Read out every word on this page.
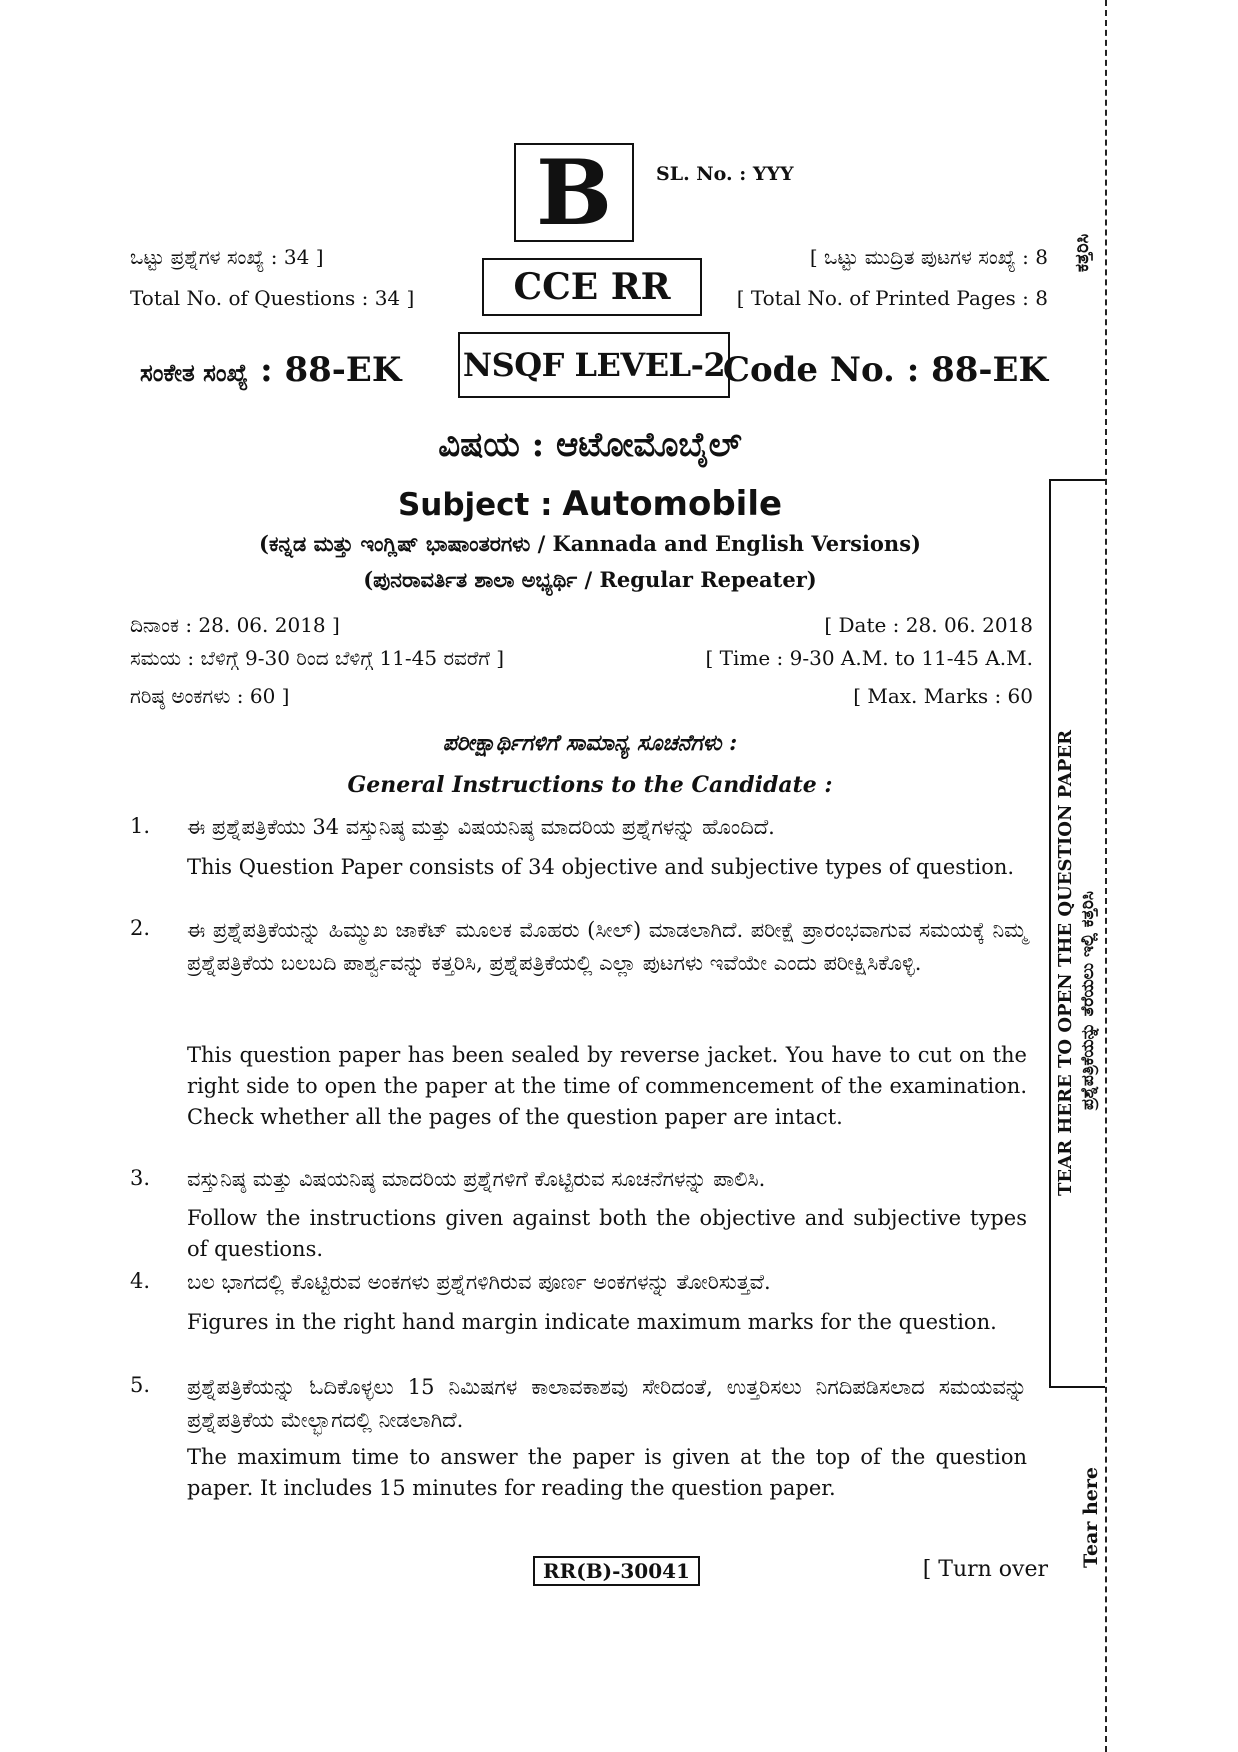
B	SL. No. : YYY
ಒಟ್ಟು ಪ್ರಶ್ನೆಗಳ ಸಂಖ್ಯೆ : 34 ]
Total No. of Questions : 34 ]	CCE RR
[ ಒಟ್ಟು ಮುದ್ರಿತ ಪುಟಗಳ ಸಂಖ್ಯೆ : 8
[ Total No. of Printed Pages : 8
ಸಂಕೇತ ಸಂಖ್ಯೆ : 88-EK NSQF LEVEL-2
Code No. : 88-EK
ವಿಷಯ : ಆಟೋಮೊಬೈಲ್
Subject : Automobile
(ಕನ್ನಡ ಮತ್ತು ಇಂಗ್ಲಿಷ್ ಭಾಷಾಂತರಗಳು / Kannada and English Versions)
(ಪುನರಾವರ್ತಿತ ಶಾಲಾ ಅಭ್ಯರ್ಥಿ / Regular Repeater)
ದಿನಾಂಕ : 28. 06. 2018 ]	[ Date : 28. 06. 2018
ಸಮಯ : ಬೆಳಿಗ್ಗೆ 9-30 ರಿಂದ ಬೆಳಿಗ್ಗೆ 11-45 ರವರೆಗೆ ]	[ Time : 9-30 A.M. to 11-45 A.M.
ಗರಿಷ್ಠ ಅಂಕಗಳು : 60 ]	[ Max. Marks : 60
ಪರೀಕ್ಷಾರ್ಥಿಗಳಿಗೆ ಸಾಮಾನ್ಯ ಸೂಚನೆಗಳು :
General Instructions to the Candidate :
1. ಈ ಪ್ರಶ್ನೆಪತ್ರಿಕೆಯು 34 ವಸ್ತುನಿಷ್ಠ ಮತ್ತು ವಿಷಯನಿಷ್ಠ ಮಾದರಿಯ ಪ್ರಶ್ನೆಗಳನ್ನು ಹೊಂದಿದೆ.
This Question Paper consists of 34 objective and subjective types of question.
2. ಈ ಪ್ರಶ್ನೆಪತ್ರಿಕೆಯನ್ನು ಹಿಮ್ಮುಖ ಜಾಕೆಟ್ ಮೂಲಕ ಮೊಹರು (ಸೀಲ್) ಮಾಡಲಾಗಿದೆ. ಪರೀಕ್ಷೆ ಪ್ರಾರಂಭವಾಗುವ ಸಮಯಕ್ಕೆ ನಿಮ್ಮ ಪ್ರಶ್ನೆಪತ್ರಿಕೆಯ ಬಲಬದಿ ಪಾರ್ಶ್ವವನ್ನು ಕತ್ತರಿಸಿ, ಪ್ರಶ್ನೆಪತ್ರಿಕೆಯಲ್ಲಿ ಎಲ್ಲಾ ಪುಟಗಳು ಇವೆಯೇ ಎಂದು ಪರೀಕ್ಷಿಸಿಕೊಳ್ಳಿ.
This question paper has been sealed by reverse jacket. You have to cut on the right side to open the paper at the time of commencement of the examination. Check whether all the pages of the question paper are intact.
3. ವಸ್ತುನಿಷ್ಠ ಮತ್ತು ವಿಷಯನಿಷ್ಠ ಮಾದರಿಯ ಪ್ರಶ್ನೆಗಳಿಗೆ ಕೊಟ್ಟಿರುವ ಸೂಚನೆಗಳನ್ನು ಪಾಲಿಸಿ.
Follow the instructions given against both the objective and subjective types of questions.
4. ಬಲ ಭಾಗದಲ್ಲಿ ಕೊಟ್ಟಿರುವ ಅಂಕಗಳು ಪ್ರಶ್ನೆಗಳಿಗಿರುವ ಪೂರ್ಣ ಅಂಕಗಳನ್ನು ತೋರಿಸುತ್ತವೆ.
Figures in the right hand margin indicate maximum marks for the question.
5. ಪ್ರಶ್ನೆಪತ್ರಿಕೆಯನ್ನು ಓದಿಕೊಳ್ಳಲು 15 ನಿಮಿಷಗಳ ಕಾಲಾವಕಾಶವು ಸೇರಿದಂತೆ, ಉತ್ತರಿಸಲು ನಿಗದಿಪಡಿಸಲಾದ ಸಮಯವನ್ನು ಪ್ರಶ್ನೆಪತ್ರಿಕೆಯ ಮೇಲ್ಭಾಗದಲ್ಲಿ ನೀಡಲಾಗಿದೆ.
The maximum time to answer the paper is given at the top of the question paper. It includes 15 minutes for reading the question paper.
RR(B)-30041	[ Turn over
ಕತ್ತರಿಸಿ
TEAR HERE TO OPEN THE QUESTION PAPER ಪ್ರಶ್ನೆಪತ್ರಿಕೆಯನ್ನು ತೆರೆಯಲು ಇಲ್ಲಿ ಕತ್ತರಿಸಿ
Tear here
